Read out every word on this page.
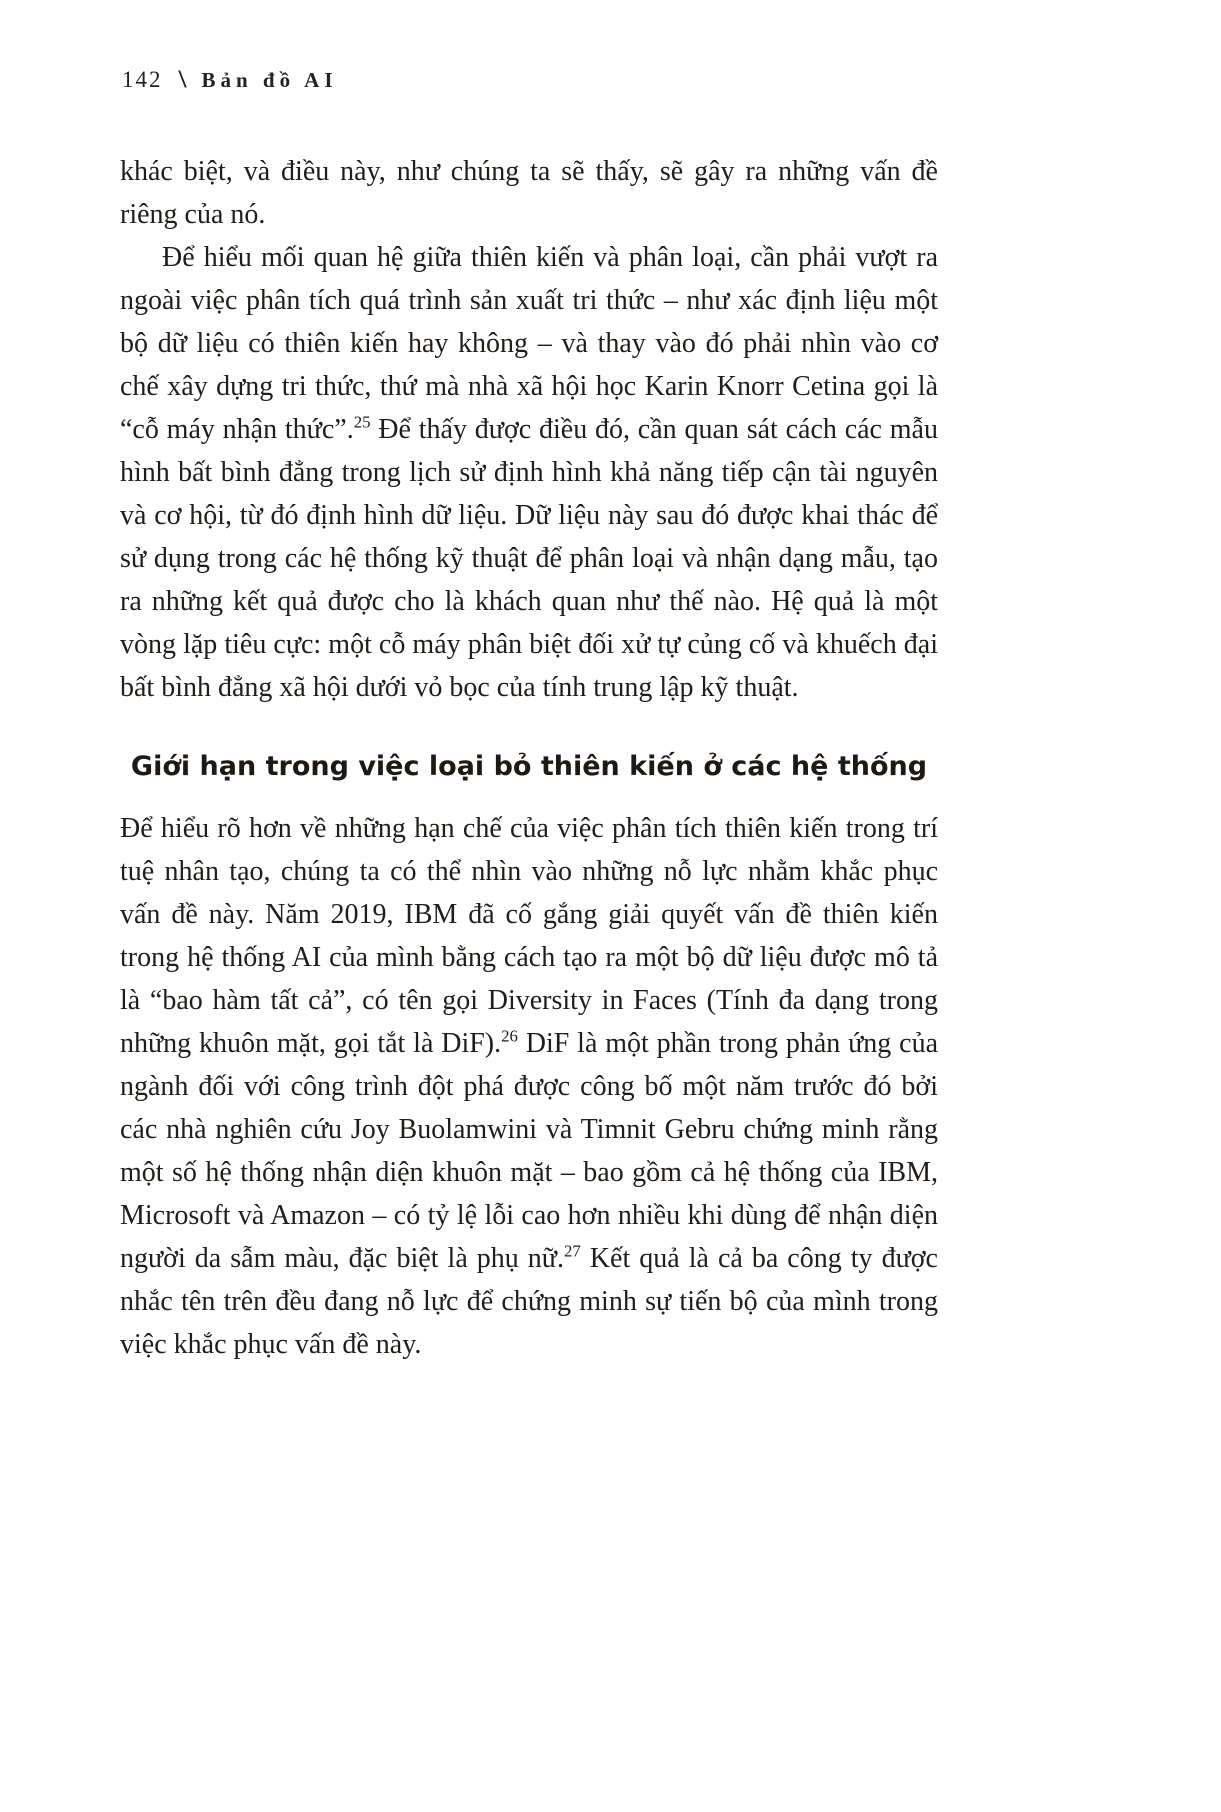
142 \ Bản đồ AI

khác biệt, và điều này, như chúng ta sẽ thấy, sẽ gây ra những vấn đề riêng của nó.

Để hiểu mối quan hệ giữa thiên kiến và phân loại, cần phải vượt ra ngoài việc phân tích quá trình sản xuất tri thức – như xác định liệu một bộ dữ liệu có thiên kiến hay không – và thay vào đó phải nhìn vào cơ chế xây dựng tri thức, thứ mà nhà xã hội học Karin Knorr Cetina gọi là “cỗ máy nhận thức”.$^{25}$ Để thấy được điều đó, cần quan sát cách các mẫu hình bất bình đẳng trong lịch sử định hình khả năng tiếp cận tài nguyên và cơ hội, từ đó định hình dữ liệu. Dữ liệu này sau đó được khai thác để sử dụng trong các hệ thống kỹ thuật để phân loại và nhận dạng mẫu, tạo ra những kết quả được cho là khách quan như thế nào. Hệ quả là một vòng lặp tiêu cực: một cỗ máy phân biệt đối xử tự củng cố và khuếch đại bất bình đẳng xã hội dưới vỏ bọc của tính trung lập kỹ thuật.

Giới hạn trong việc loại bỏ thiên kiến ở các hệ thống

Để hiểu rõ hơn về những hạn chế của việc phân tích thiên kiến trong trí tuệ nhân tạo, chúng ta có thể nhìn vào những nỗ lực nhằm khắc phục vấn đề này. Năm 2019, IBM đã cố gắng giải quyết vấn đề thiên kiến trong hệ thống AI của mình bằng cách tạo ra một bộ dữ liệu được mô tả là “bao hàm tất cả”, có tên gọi Diversity in Faces (Tính đa dạng trong những khuôn mặt, gọi tắt là DiF).$^{26}$ DiF là một phần trong phản ứng của ngành đối với công trình đột phá được công bố một năm trước đó bởi các nhà nghiên cứu Joy Buolamwini và Timnit Gebru chứng minh rằng một số hệ thống nhận diện khuôn mặt – bao gồm cả hệ thống của IBM, Microsoft và Amazon – có tỷ lệ lỗi cao hơn nhiều khi dùng để nhận diện người da sẫm màu, đặc biệt là phụ nữ.$^{27}$ Kết quả là cả ba công ty được nhắc tên trên đều đang nỗ lực để chứng minh sự tiến bộ của mình trong việc khắc phục vấn đề này.
